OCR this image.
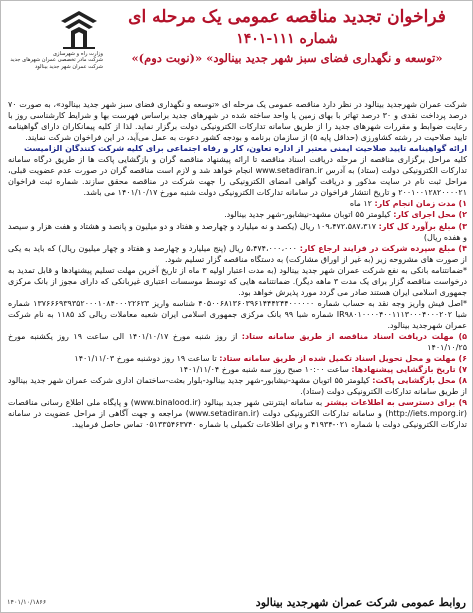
وزارت راه و شهرسازی
شرکت مادر تخصصی عمران شهرهای جدید
شرکت عمران شهر جدید بینالود
فراخوان تجدید مناقصه عمومی یک مرحله ای
شماره ۱۱۱-۱۴۰۱
«توسعه و نگهداری فضای سبز شهر جدید بینالود» «(نوبت دوم)»

شرکت عمران شهرجدید بینالود در نظر دارد مناقصه عمومی یک مرحله ای «توسعه و نگهداری فضای سبز شهر جدید بینالود»، به صورت ۷۰ درصد پرداخت نقدی و ۳۰ درصد تهاتر با بهای زمین یا واحد ساخته شده در شهرهای جدید براساس فهرست بها و شرایط کارشناسی روز با رعایت ضوابط و مقررات شهرهای جدید را از طریق سامانه تدارکات الکترونیکی دولت برگزار نماید. لذا از کلیه پیمانکاران دارای گواهینامه تایید صلاحیت در رشته کشاورزی (حداقل پایه ۵) از سازمان برنامه و بودجه کشور دعوت به عمل می‌آید، در این فراخوان شرکت نمایند.

ارائه گواهینامه تایید صلاحیت ایمنی معتبر از اداره تعاون، کار و رفاه اجتماعی برای کلیه شرکت کنندگان الزامیست

کلیه مراحل برگزاری مناقصه از مرحله دریافت اسناد مناقصه تا ارائه پیشنهاد مناقصه گران و بازگشایی پاکت ها از طریق درگاه سامانه تدارکات الکترونیکی دولت (ستاد) به آدرس www.setadiran.ir انجام خواهد شد و لازم است مناقصه گران در صورت عدم عضویت قبلی، مراحل ثبت نام در سایت مذکور و دریافت گواهی امضای الکترونیکی را جهت شرکت در مناقصه محقق سازند. شماره ثبت فراخوان ۲۰۰۱۰۰۱۲۸۲۰۰۰۰۲۱ و تاریخ انتشار فراخوان در سامانه تدارکات الکترونیکی دولت شنبه مورخ ۱۴۰۱/۱۰/۱۷ می باشد.

۱) مدت زمان انجام کار: ۱۲ ماه

۲) محل اجرای کار: کیلومتر ۵۵ اتوبان مشهد-نیشابور-شهر جدید بینالود.

۳) مبلغ برآورد کل کار: ۱۰۹،۴۷۲،۵۸۷،۳۱۷ ریال (یکصد و نه میلیارد و چهارصد و هفتاد و دو میلیون و پانصد و هشتاد و هفت هزار و سیصد و هفده ریال)

۴) مبلغ سپرده شرکت در فرایند ارجاع کار: ۵،۴۷۴،۰۰۰،۰۰۰ ریال (پنج میلیارد و چهارصد و هفتاد و چهار میلیون ریال) که باید به یکی از صورت های مشروحه زیر (به غیر از اوراق مشارکت) به دستگاه مناقصه گزار تسلیم شود.

*ضمانتنامه بانکی به نفع شرکت عمران شهر جدید بینالود (به مدت اعتبار اولیه ۳ ماه از تاریخ آخرین مهلت تسلیم پیشنهادها و قابل تمدید به درخواست مناقصه گزار برای یک مدت ۳ ماهه دیگر). ضمانتنامه هایی که توسط موسسات اعتباری غیربانکی که دارای مجوز از بانک مرکزی جمهوری اسلامی ایران هستند صادر می گردد مورد پذیرش خواهد بود.

*اصل فیش واریز وجه نقد به حساب شماره ۴۰۵۰۰۶۸۱۳۶۰۳۹۶۱۴۴۴۲۴۴۰۰۰۰۰۰ شناسه واریز ۱۳۷۶۶۶۹۳۹۳۵۲۰۰۰۱۰۸۴۰۰۰۲۲۶۲۳ شماره شبا IR۹۸۰۱۰۰۰۰۴۰۰۱۱۱۳۰۰۰۴۰۰۰۲۰۲ شماره شبا ۹۹ بانک مرکزی جمهوری اسلامی ایران شعبه معاملات ریالی کد ۱۱۸۵ به نام شرکت عمران شهرجدید بینالود.

۵) مهلت دریافت اسناد مناقصه از طریق سامانه ستاد: از روز شنبه مورخ ۱۴۰۱/۱۰/۱۷ الی ساعت ۱۹ روز یکشنبه مورخ ۱۴۰۱/۱۰/۲۵

۶) مهلت و محل تحویل اسناد تکمیل شده از طریق سامانه ستاد: تا ساعت ۱۹ روز دوشنبه مورخ ۱۴۰۱/۱۱/۰۳

۷) تاریخ بازگشایی پیشنهادها: ساعت ۱۰:۰۰ صبح روز سه شنبه مورخ ۱۴۰۱/۱۱/۰۴

۸) محل بازگشایی پاکت: کیلومتر ۵۵ اتوبان مشهد-نیشابور-شهر جدید بینالود-بلوار بعثت-ساختمان اداری شرکت عمران شهر جدید بینالود از طریق سامانه تدارکات الکترونیکی دولت (ستاد).

۹) برای دسترسی به اطلاعات بیشتر به سامانه اینترنتی شهر جدید بینالود (www.binalood.ir) و پایگاه ملی اطلاع رسانی مناقصات (http://iets.mporg.ir) و سامانه تدارکات الکترونیکی دولت (www.setadiran.ir) مراجعه و جهت آگاهی از مراحل عضویت در سامانه تدارکات الکترونیکی دولت با شماره ۰۲۱-۴۱۹۳۴ و برای اطلاعات تکمیلی با شماره ۰۵۱۳۳۵۴۶۳۷۴۰ تماس حاصل فرمایید.

۱۴۰۱/۱۰/۱۸۶۶	روابط عمومی شرکت عمران شهرجدید بینالود
